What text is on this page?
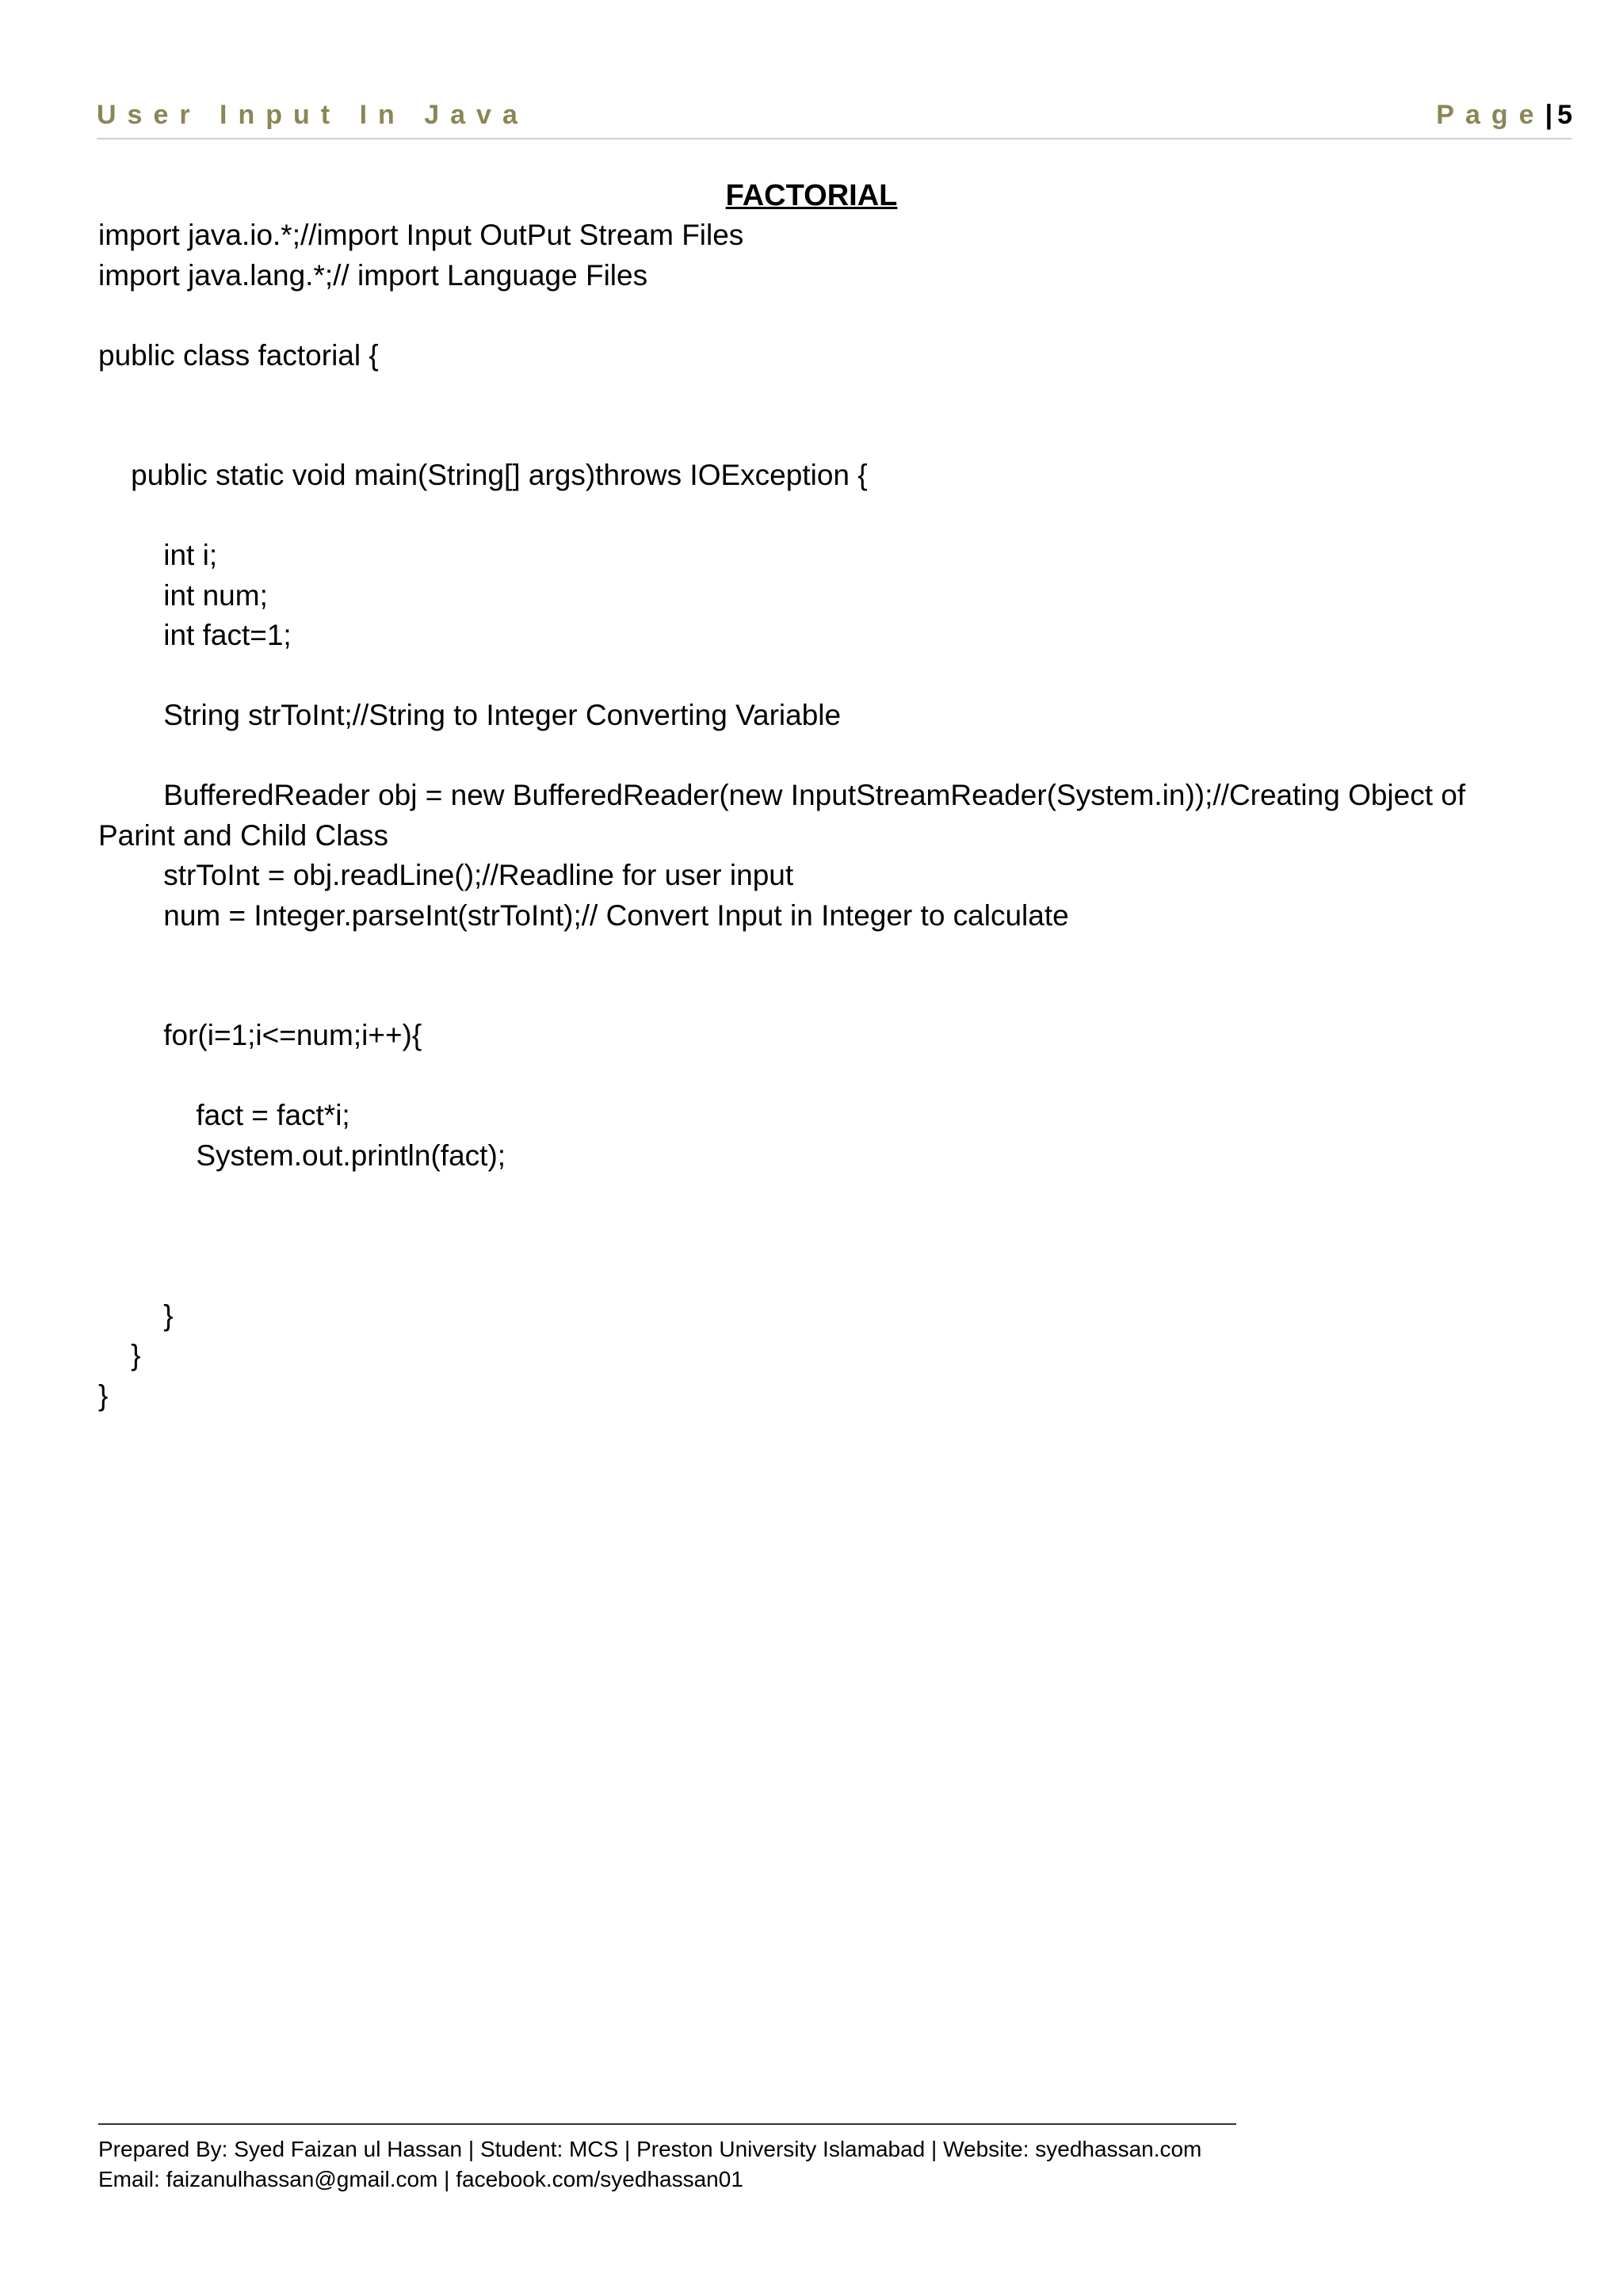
User Input In Java	Page| 5
FACTORIAL
import java.io.*;//import Input OutPut Stream Files
import java.lang.*;// import Language Files
public class factorial {
public static void main(String[] args)throws IOException {
int i;
int num;
int fact=1;
String strToInt;//String to Integer Converting Variable
BufferedReader obj = new BufferedReader(new InputStreamReader(System.in));//Creating Object of
Parint and Child Class
strToInt = obj.readLine();//Readline for user input
num = Integer.parseInt(strToInt);// Convert Input in Integer to calculate
for(i=1;i<=num;i++){
fact = fact*i;
System.out.println(fact);
}
}
}
Prepared By: Syed Faizan ul Hassan | Student: MCS | Preston University Islamabad | Website: syedhassan.com
Email: faizanulhassan@gmail.com | facebook.com/syedhassan01
